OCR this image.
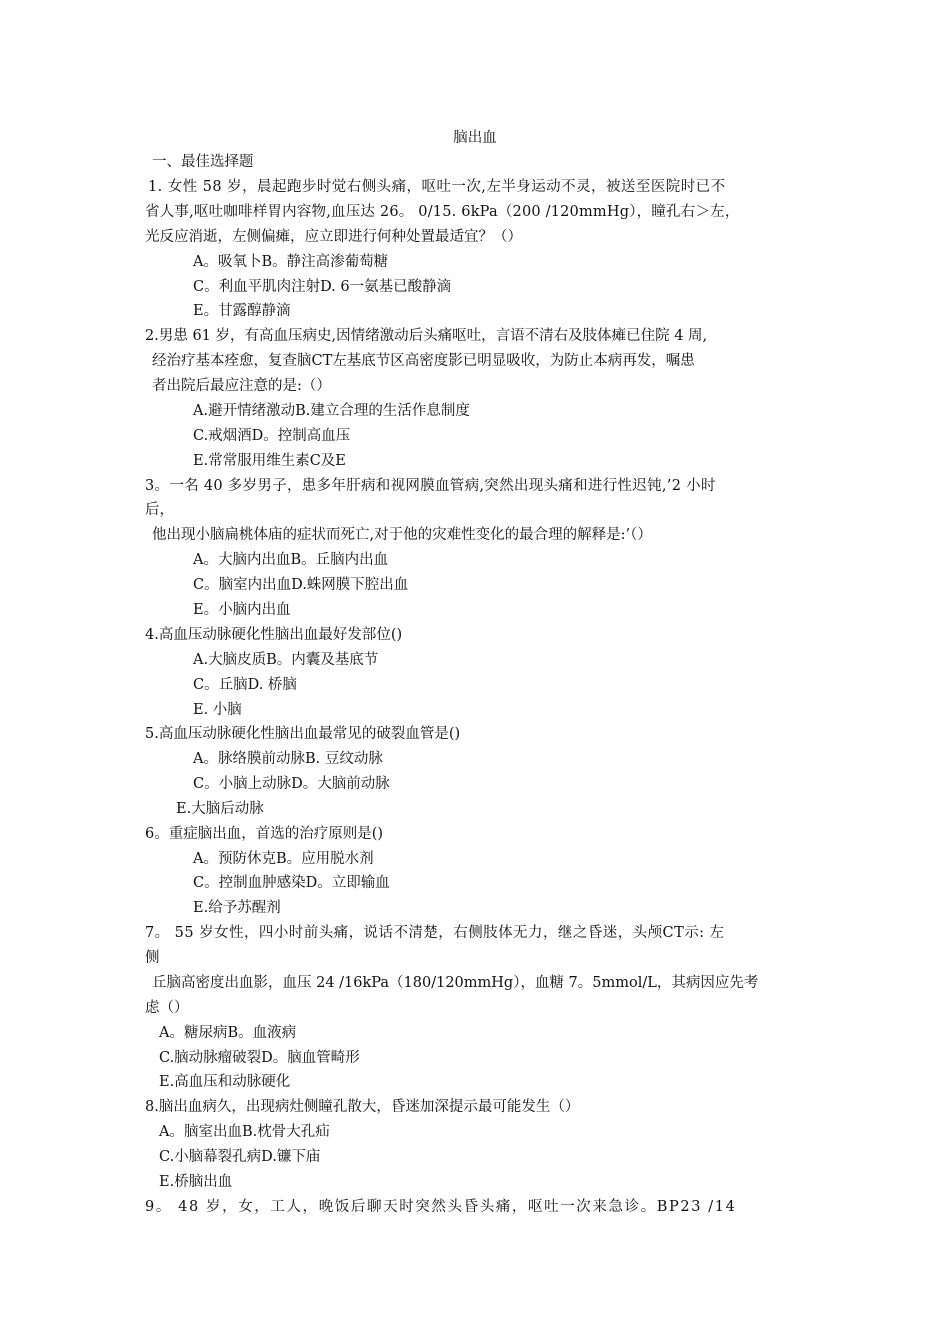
脑出血
一、最佳选择题
1. 女性 58 岁，晨起跑步时觉右侧头痛，呕吐一次,左半身运动不灵，被送至医院时已不
省人事,呕吐咖啡样胃内容物,血压达 26。 0/15. 6kPa（200 /120mmHg），瞳孔右＞左，
光反应消逝，左侧偏瘫，应立即进行何种处置最适宜？（）
A。吸氧卜B。静注高渗葡萄糖
C。利血平肌肉注射D. 6一氨基已酸静滴
E。甘露醇静滴
2.男患 61 岁，有高血压病史,因情绪激动后头痛呕吐，言语不清右及肢体瘫已住院 4 周,
经治疗基本痊愈，复查脑CT左基底节区高密度影已明显吸收，为防止本病再发，嘱患
者出院后最应注意的是:（）
A.避开情绪激动B.建立合理的生活作息制度
C.戒烟酒D。控制高血压
E.常常服用维生素C及E
3。一名 40 多岁男子，患多年肝病和视网膜血管病,突然出现头痛和进行性迟钝,’2 小时
后，
他出现小脑扁桃体庙的症状而死亡,对于他的灾难性变化的最合理的解释是:’（）
A。大脑内出血B。丘脑内出血
C。脑室内出血D.蛛网膜下腔出血
E。小脑内出血
4.高血压动脉硬化性脑出血最好发部位()
A.大脑皮质B。内囊及基底节
C。丘脑D. 桥脑
E. 小脑
5.高血压动脉硬化性脑出血最常见的破裂血管是()
A。脉络膜前动脉B. 豆纹动脉
C。小脑上动脉D。大脑前动脉
E.大脑后动脉
6。重症脑出血，首选的治疗原则是()
A。预防休克B。应用脱水剂
C。控制血肿感染D。立即输血
E.给予苏醒剂
7。 55 岁女性，四小时前头痛，说话不清楚，右侧肢体无力，继之昏迷，头颅CT示: 左
侧
丘脑高密度出血影，血压 24 /16kPa（180/120mmHg），血糖 7。5mmol/L，其病因应先考
虑（）
A。糖尿病B。血液病
C.脑动脉瘤破裂D。脑血管畸形
E.高血压和动脉硬化
8.脑出血病久，出现病灶侧瞳孔散大，昏迷加深提示最可能发生（）
A。脑室出血B.枕骨大孔疝
C.小脑幕裂孔病D.镰下庙
E.桥脑出血
9。 48 岁，女，工人，晚饭后聊天时突然头昏头痛，呕吐一次来急诊。BP23 /14
